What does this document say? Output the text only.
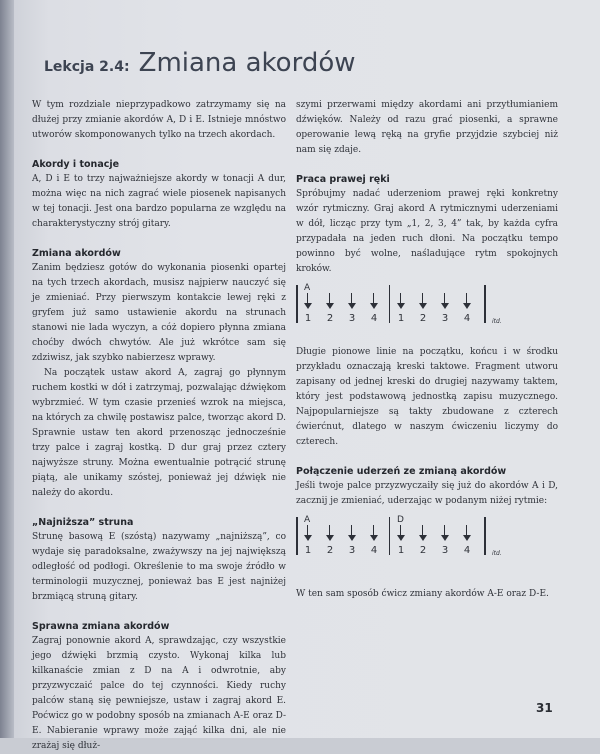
Lekcja 2.4: Zmiana akordów

W tym rozdziale nieprzypadkowo zatrzymamy się na dłużej przy zmianie akordów A, D i E. Istnieje mnóstwo utworów skomponowanych tylko na trzech akordach.

Akordy i tonacje

A, D i E to trzy najważniejsze akordy w tonacji A dur, można więc na nich zagrać wiele piosenek napisanych w tej tonacji. Jest ona bardzo popularna ze względu na charakterystyczny strój gitary.

Zmiana akordów

Zanim będziesz gotów do wykonania piosenki opartej na tych trzech akordach, musisz najpierw nauczyć się je zmieniać. Przy pierwszym kontakcie lewej ręki z gryfem już samo ustawienie akordu na strunach stanowi nie lada wyczyn, a cóż dopiero płynna zmiana choćby dwóch chwytów. Ale już wkrótce sam się zdziwisz, jak szybko nabierzesz wprawy.

Na początek ustaw akord A, zagraj go płynnym ruchem kostki w dół i zatrzymaj, pozwalając dźwiękom wybrzmieć. W tym czasie przenieś wzrok na miejsca, na których za chwilę postawisz palce, tworząc akord D. Sprawnie ustaw ten akord przenosząc jednocześnie trzy palce i zagraj kostką. D dur graj przez cztery najwyższe struny. Można ewentualnie potrącić strunę piątą, ale unikamy szóstej, ponieważ jej dźwięk nie należy do akordu.

„Najniższa” struna

Strunę basową E (szóstą) nazywamy „najniższą”, co wydaje się paradoksalne, zważywszy na jej największą odległość od podłogi. Określenie to ma swoje źródło w terminologii muzycznej, ponieważ bas E jest najniżej brzmiącą struną gitary.

Sprawna zmiana akordów

Zagraj ponownie akord A, sprawdzając, czy wszystkie jego dźwięki brzmią czysto. Wykonaj kilka lub kilkanaście zmian z D na A i odwrotnie, aby przyzwyczaić palce do tej czynności. Kiedy ruchy palców staną się pewniejsze, ustaw i zagraj akord E. Poćwicz go w podobny sposób na zmianach A-E oraz D-E. Nabieranie wprawy może zająć kilka dni, ale nie zrażaj się dłuż-

szymi przerwami między akordami ani przytłumianiem dźwięków. Należy od razu grać piosenki, a sprawne operowanie lewą ręką na gryfie przyjdzie szybciej niż nam się zdaje.

Praca prawej ręki

Spróbujmy nadać uderzeniom prawej ręki konkretny wzór rytmiczny. Graj akord A rytmicznymi uderzeniami w dół, licząc przy tym „1, 2, 3, 4” tak, by każda cyfra przypadała na jeden ruch dłoni. Na początku tempo powinno być wolne, naśladujące rytm spokojnych kroków.

A
1 2 3 4 1 2 3 4	itd.

Długie pionowe linie na początku, końcu i w środku przykładu oznaczają kreski taktowe. Fragment utworu zapisany od jednej kreski do drugiej nazywamy taktem, który jest podstawową jednostką zapisu muzycznego. Najpopularniejsze są takty zbudowane z czterech ćwierćnut, dlatego w naszym ćwiczeniu liczymy do czterech.

Połączenie uderzeń ze zmianą akordów

Jeśli twoje palce przyzwyczaiły się już do akordów A i D, zacznij je zmieniać, uderzając w podanym niżej rytmie:

A	D
1 2 3 4 1 2 3 4	itd.

W ten sam sposób ćwicz zmiany akordów A-E oraz D-E.

31
